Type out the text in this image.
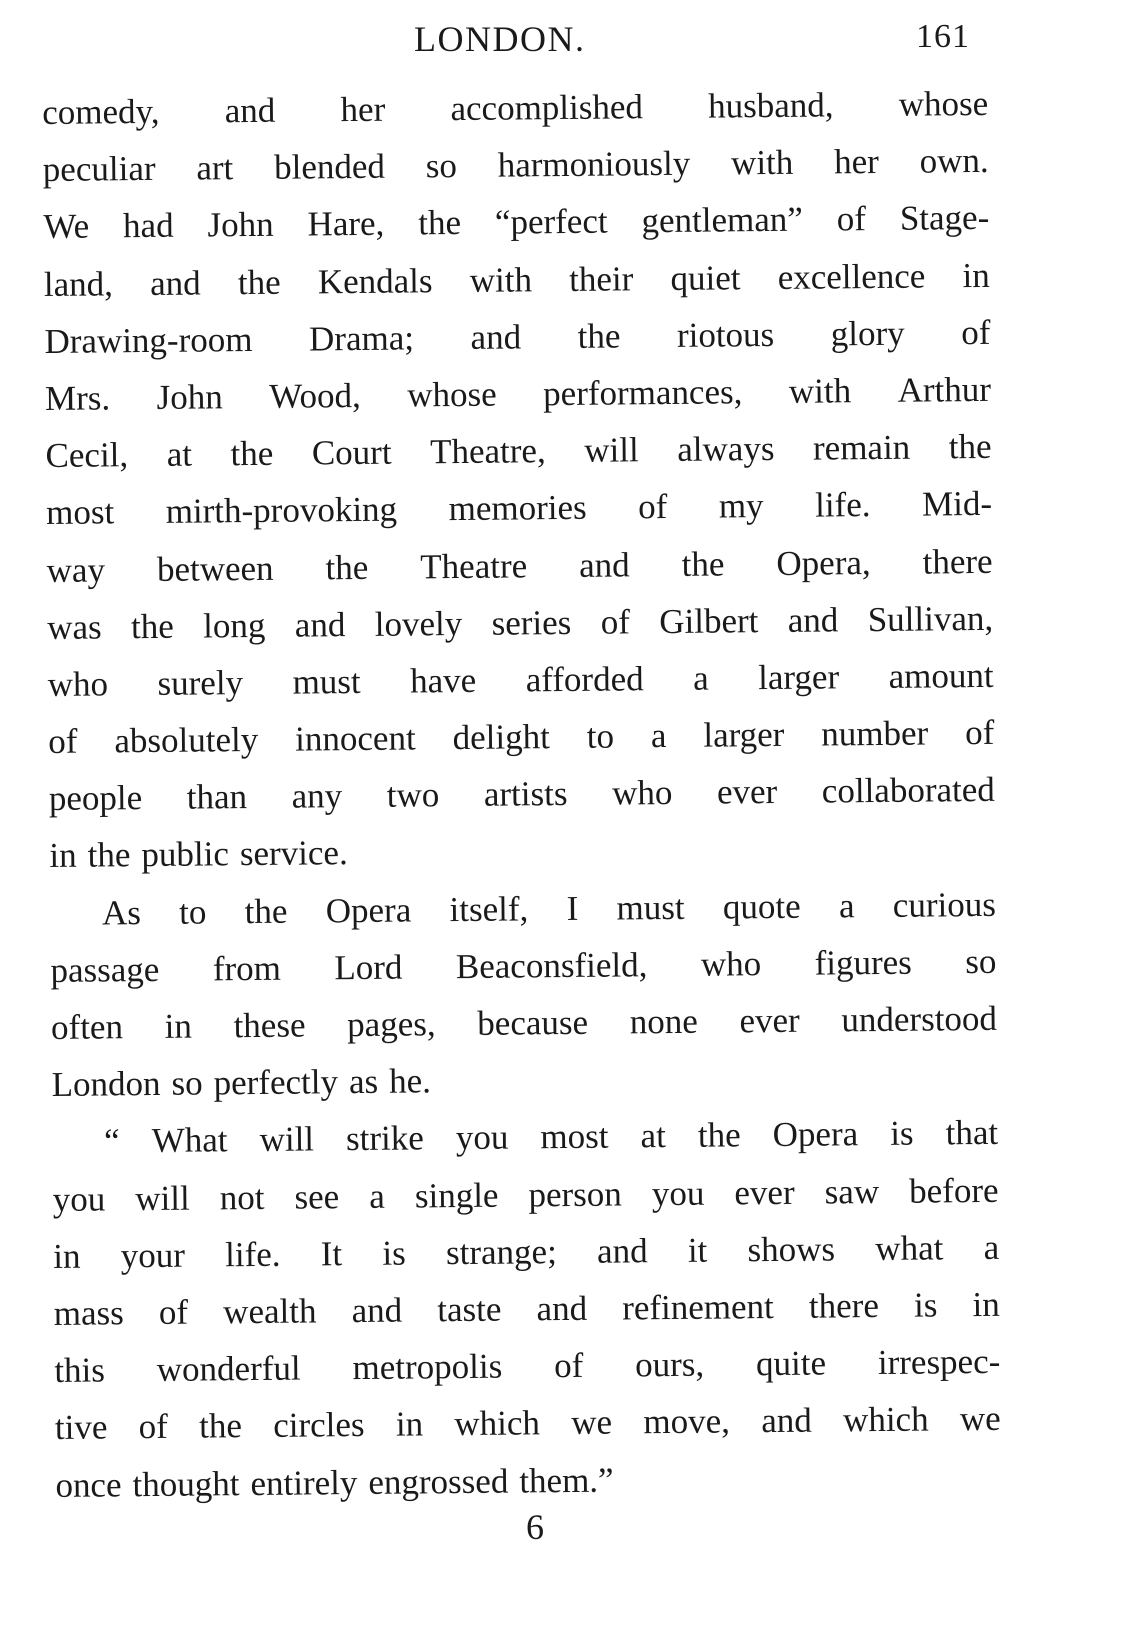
LONDON.	161
comedy, and her accomplished husband, whose
peculiar art blended so harmoniously with her own.
We had John Hare, the “perfect gentleman” of Stage-
land, and the Kendals with their quiet excellence in
Drawing-room Drama; and the riotous glory of
Mrs. John Wood, whose performances, with Arthur
Cecil, at the Court Theatre, will always remain the
most mirth-provoking memories of my life. Mid-
way between the Theatre and the Opera, there
was the long and lovely series of Gilbert and Sullivan,
who surely must have afforded a larger amount
of absolutely innocent delight to a larger number of
people than any two artists who ever collaborated
in the public service.
As to the Opera itself, I must quote a curious
passage from Lord Beaconsfield, who figures so
often in these pages, because none ever understood
London so perfectly as he.
“ What will strike you most at the Opera is that
you will not see a single person you ever saw before
in your life. It is strange; and it shows what a
mass of wealth and taste and refinement there is in
this wonderful metropolis of ours, quite irrespec-
tive of the circles in which we move, and which we
once thought entirely engrossed them.”
6
